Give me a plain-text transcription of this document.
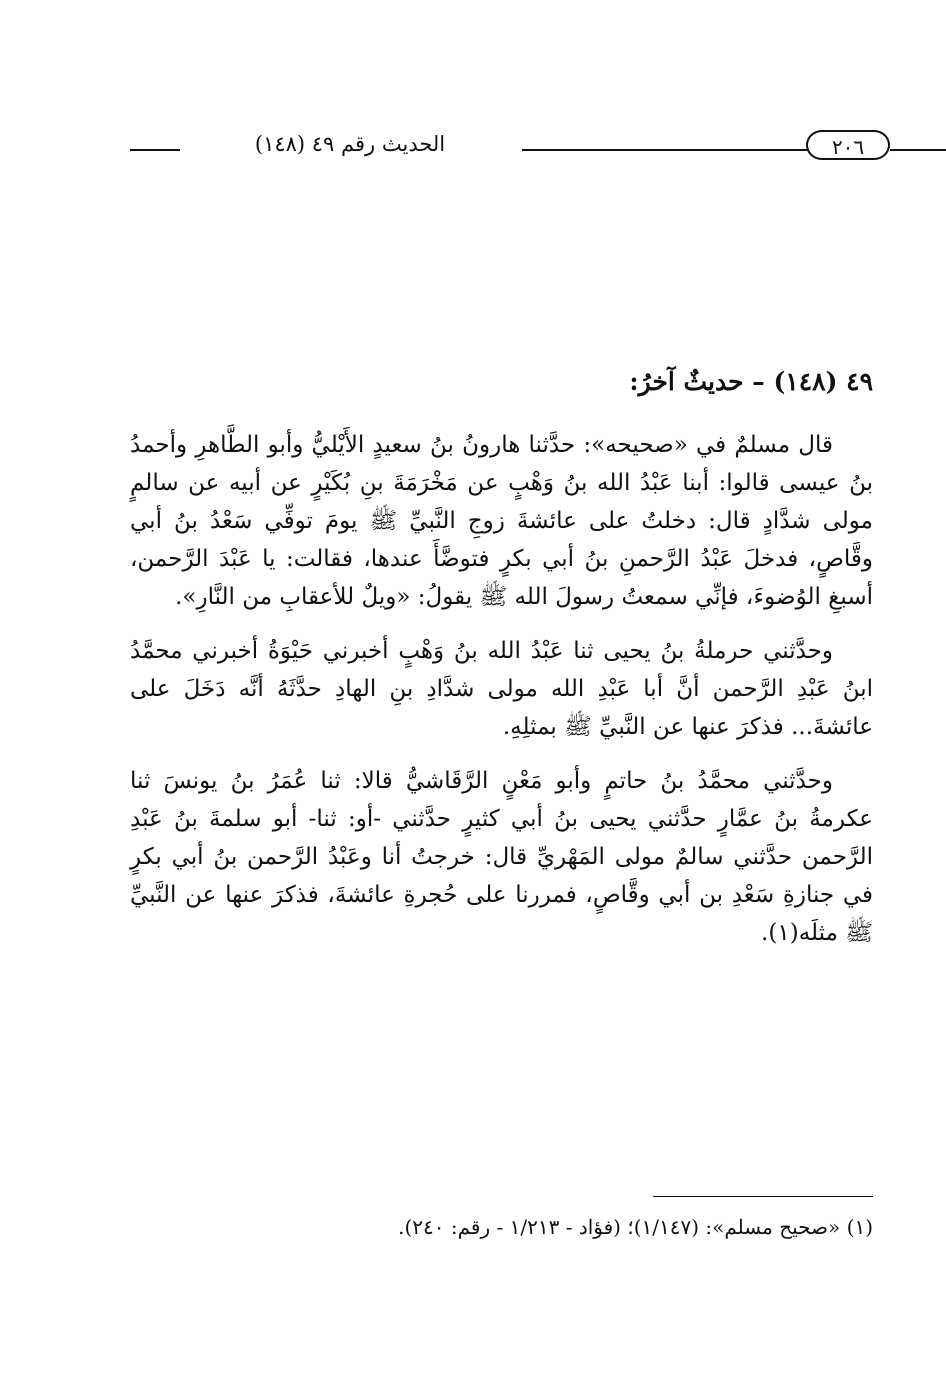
الحديث رقم ٤٩ (١٤٨)	٢٠٦
٤٩ (١٤٨) – حديثٌ آخرُ:

قال مسلمٌ في «صحيحه»: حدَّثنا هارونُ بنُ سعيدٍ الأَيْليُّ وأبو الطَّاهرِ وأحمدُ بنُ عيسى قالوا: أبنا عَبْدُ الله بنُ وَهْبٍ عن مَخْرَمَةَ بنِ بُكَيْرٍ عن أبيه عن سالمٍ مولى شدَّادٍ قال: دخلتُ على عائشةَ زوجِ النَّبيِّ ﷺ يومَ توفِّي سَعْدُ بنُ أبي وقَّاصٍ، فدخلَ عَبْدُ الرَّحمنِ بنُ أبي بكرٍ فتوضَّأَ عندها، فقالت: يا عَبْدَ الرَّحمن، أسبغِ الوُضوءَ، فإنِّي سمعتُ رسولَ الله ﷺ يقولُ: «ويلٌ للأعقابِ من النَّارِ».

وحدَّثني حرملةُ بنُ يحيى ثنا عَبْدُ الله بنُ وَهْبٍ أخبرني حَيْوَةُ أخبرني محمَّدُ ابنُ عَبْدِ الرَّحمن أنَّ أبا عَبْدِ الله مولى شدَّادِ بنِ الهادِ حدَّثَهُ أنَّه دَخَلَ على عائشةَ... فذكرَ عنها عن النَّبيِّ ﷺ بمثلِهِ.

وحدَّثني محمَّدُ بنُ حاتمٍ وأبو مَعْنٍ الرَّقَاشيُّ قالا: ثنا عُمَرُ بنُ يونسَ ثنا عكرمةُ بنُ عمَّارٍ حدَّثني يحيى بنُ أبي كثيرٍ حدَّثني -أو: ثنا- أبو سلمةَ بنُ عَبْدِ الرَّحمن حدَّثني سالمٌ مولى المَهْريِّ قال: خرجتُ أنا وعَبْدُ الرَّحمن بنُ أبي بكرٍ في جنازةِ سَعْدِ بن أبي وقَّاصٍ، فمررنا على حُجرةِ عائشةَ، فذكرَ عنها عن النَّبيِّ ﷺ مثلَه(١).

(١) «صحيح مسلم»: (١/١٤٧)؛ (فؤاد - ١/٢١٣ - رقم: ٢٤٠).
